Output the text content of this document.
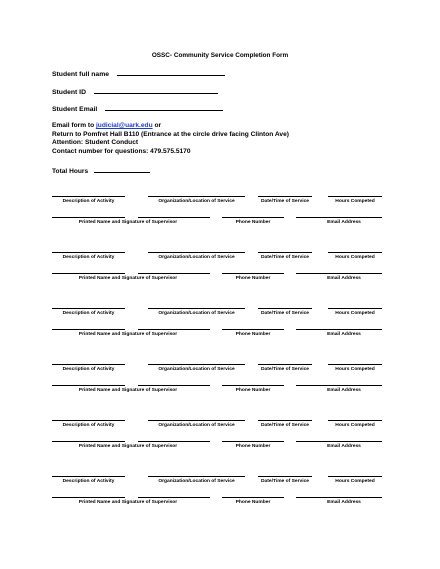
OSSC- Community Service Completion Form
Student full name
Student ID
Student Email
Email form to judicial@uark.edu or
Return to Pomfret Hall B110 (Entrance at the circle drive facing Clinton Ave)
Attention: Student Conduct
Contact number for questions: 479.575.5170
Total Hours
Description of Activity	Organization/Location of Service	Date/Time of Service	Hours Competed
Printed Name and Signature of Supervisor	Phone Number	Email Address
Description of Activity	Organization/Location of Service	Date/Time of Service	Hours Competed
Printed Name and Signature of Supervisor	Phone Number	Email Address
Description of Activity	Organization/Location of Service	Date/Time of Service	Hours Competed
Printed Name and Signature of Supervisor	Phone Number	Email Address
Description of Activity	Organization/Location of Service	Date/Time of Service	Hours Competed
Printed Name and Signature of Supervisor	Phone Number	Email Address
Description of Activity	Organization/Location of Service	Date/Time of Service	Hours Competed
Printed Name and Signature of Supervisor	Phone Number	Email Address
Description of Activity	Organization/Location of Service	Date/Time of Service	Hours Competed
Printed Name and Signature of Supervisor	Phone Number	Email Address
